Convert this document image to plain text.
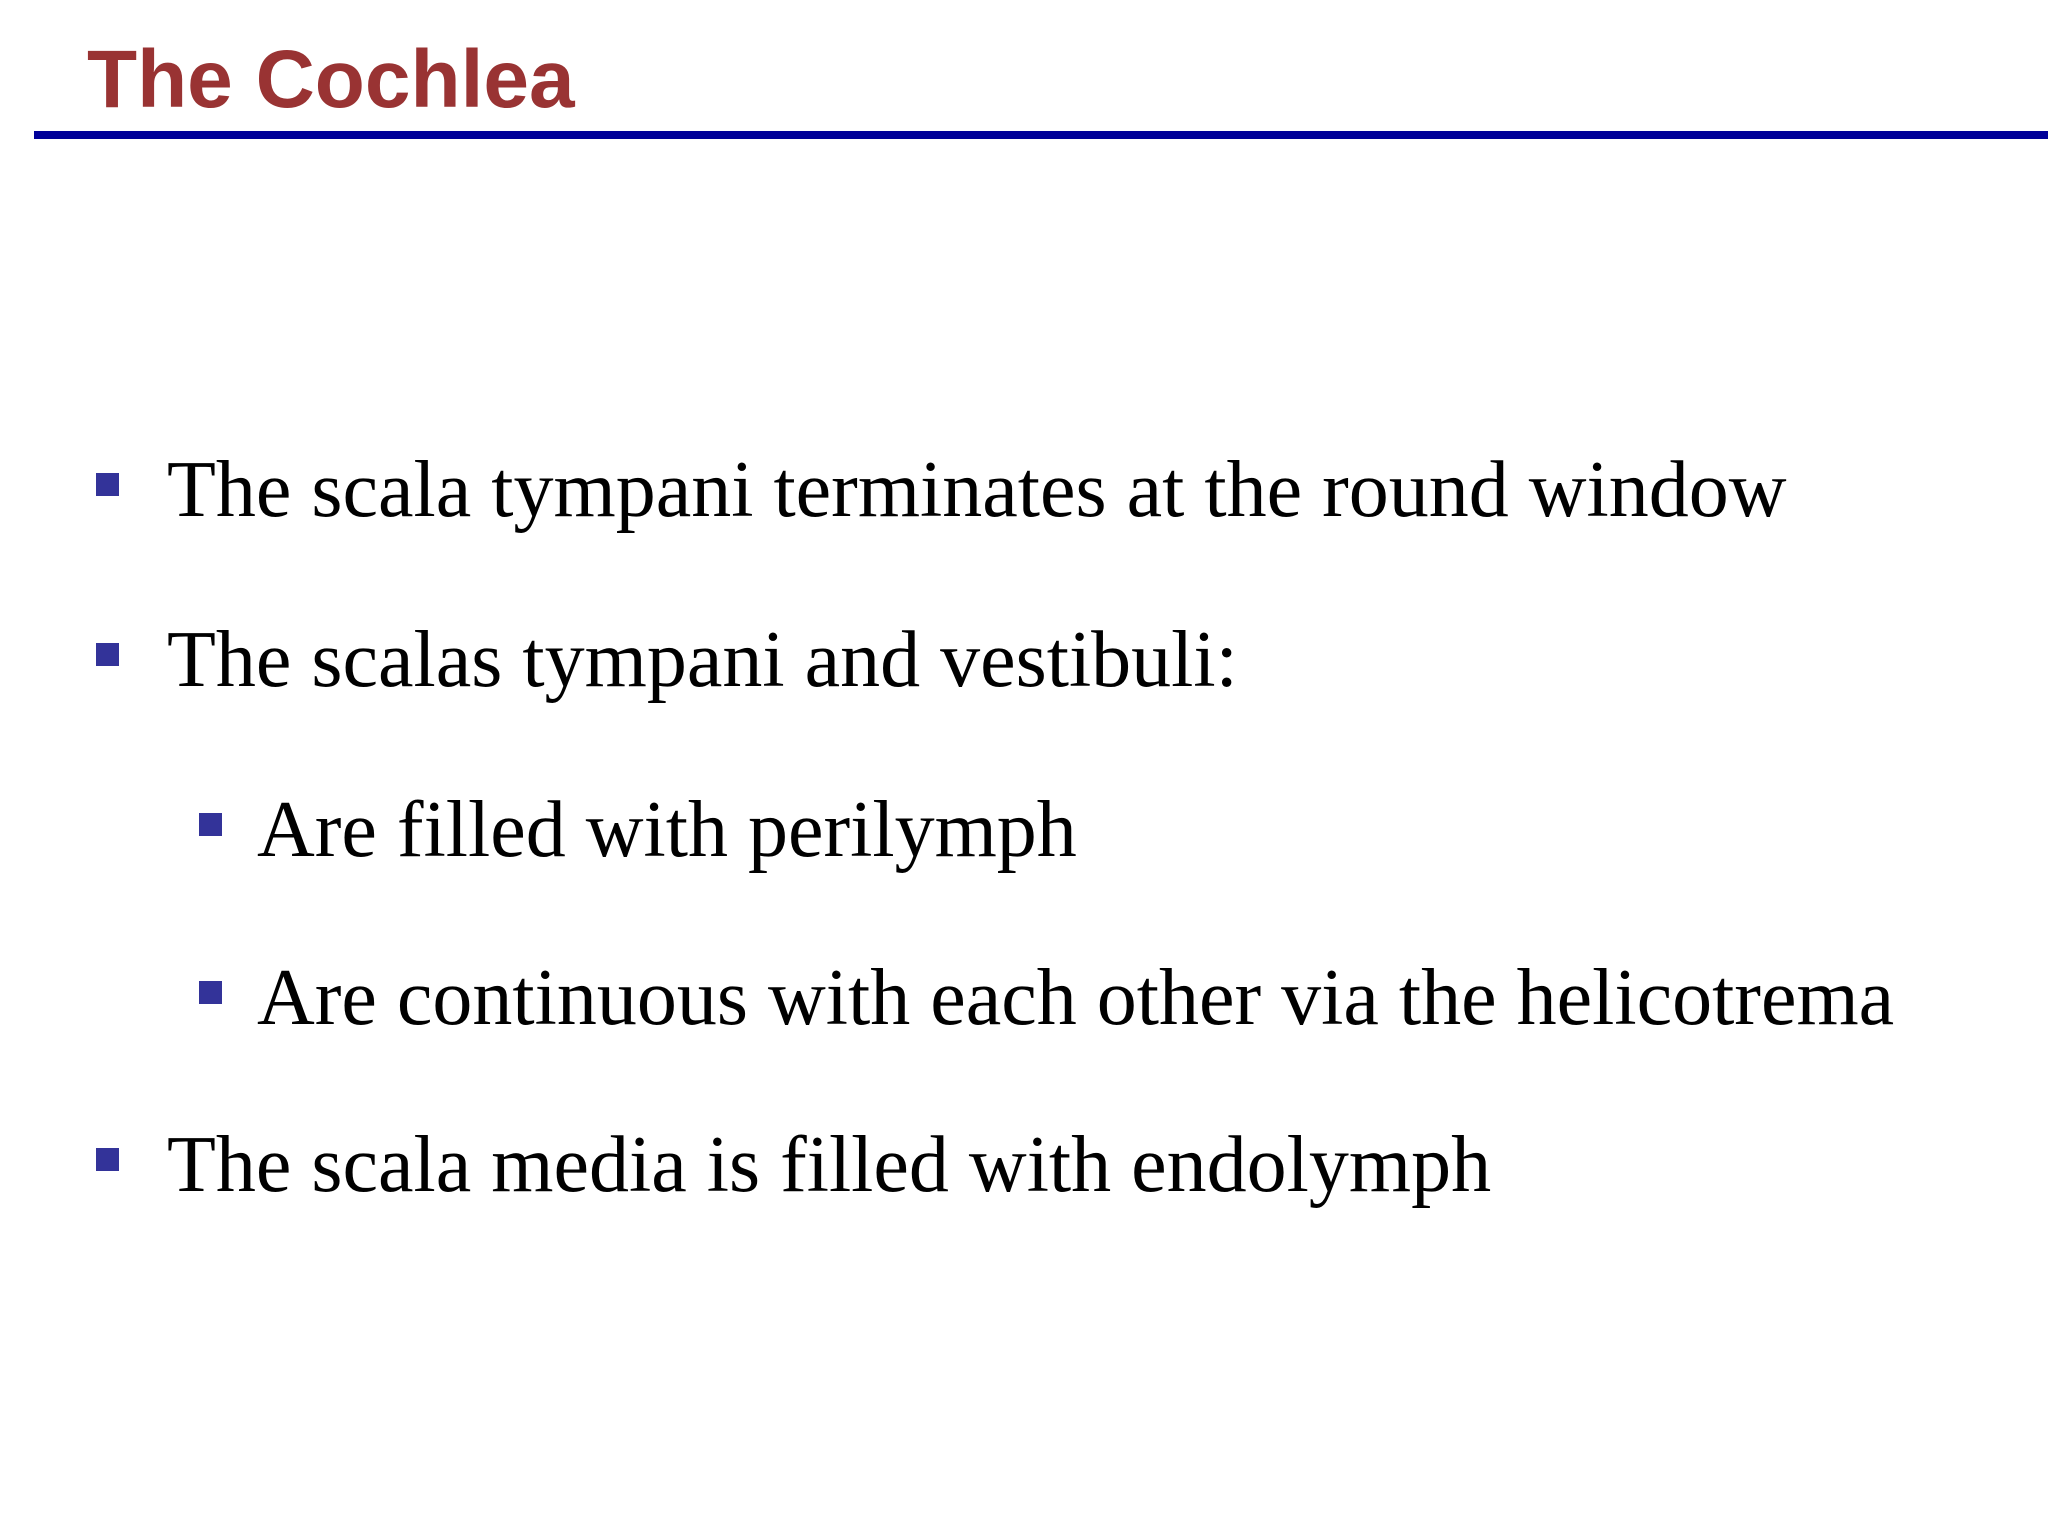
The Cochlea
The scala tympani terminates at the round window
The scalas tympani and vestibuli:
Are filled with perilymph
Are continuous with each other via the helicotrema
The scala media is filled with endolymph
